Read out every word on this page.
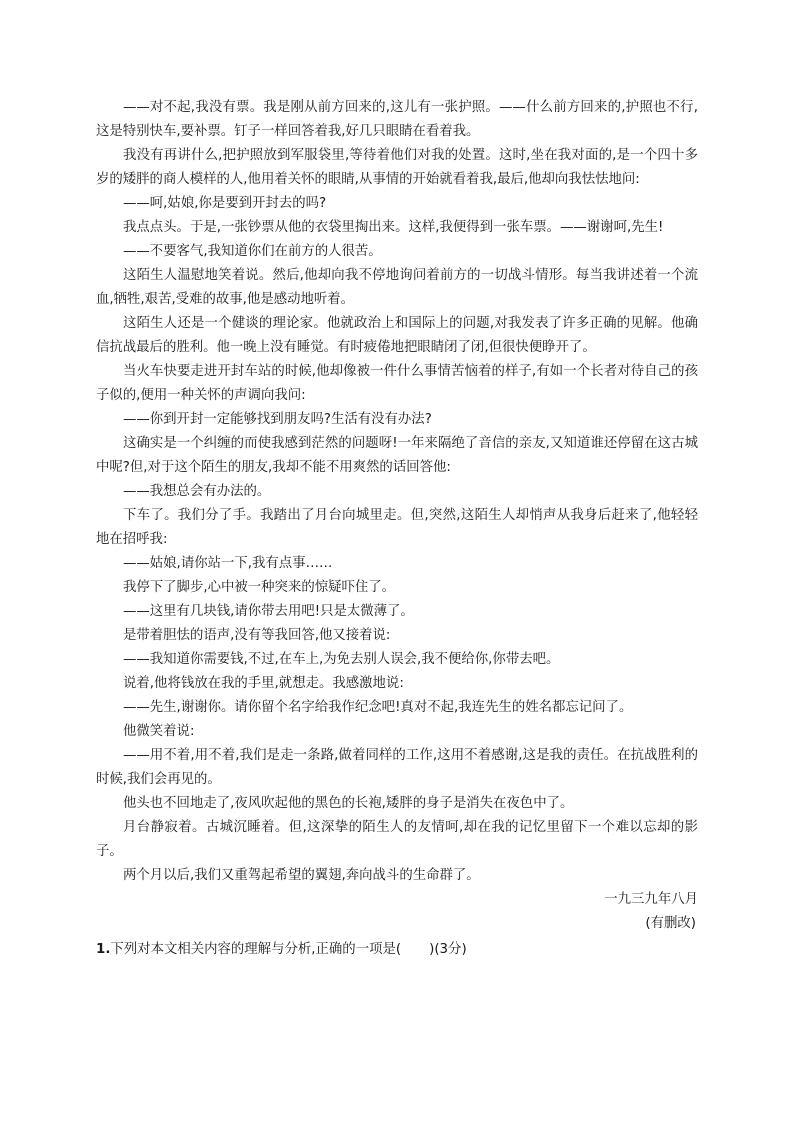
——对不起,我没有票。我是刚从前方回来的,这儿有一张护照。——什么前方回来的,护照也不行,这是特别快车,要补票。钉子一样回答着我,好几只眼睛在看着我。

我没有再讲什么,把护照放到军服袋里,等待着他们对我的处置。这时,坐在我对面的,是一个四十多岁的矮胖的商人模样的人,他用着关怀的眼睛,从事情的开始就看着我,最后,他却向我怯怯地问:

——呵,姑娘,你是要到开封去的吗?

我点点头。于是,一张钞票从他的衣袋里掏出来。这样,我便得到一张车票。——谢谢呵,先生!

——不要客气,我知道你们在前方的人很苦。

这陌生人温慰地笑着说。然后,他却向我不停地询问着前方的一切战斗情形。每当我讲述着一个流血,牺牲,艰苦,受难的故事,他是感动地听着。

这陌生人还是一个健谈的理论家。他就政治上和国际上的问题,对我发表了许多正确的见解。他确信抗战最后的胜利。他一晚上没有睡觉。有时疲倦地把眼睛闭了闭,但很快便睁开了。

当火车快要走进开封车站的时候,他却像被一件什么事情苦恼着的样子,有如一个长者对待自己的孩子似的,便用一种关怀的声调向我问:

——你到开封一定能够找到朋友吗?生活有没有办法?

这确实是一个纠缠的而使我感到茫然的问题呀!一年来隔绝了音信的亲友,又知道谁还停留在这古城中呢?但,对于这个陌生的朋友,我却不能不用爽然的话回答他:

——我想总会有办法的。

下车了。我们分了手。我踏出了月台向城里走。但,突然,这陌生人却悄声从我身后赶来了,他轻轻地在招呼我:

——姑娘,请你站一下,我有点事……

我停下了脚步,心中被一种突来的惊疑吓住了。

——这里有几块钱,请你带去用吧!只是太微薄了。

是带着胆怯的语声,没有等我回答,他又接着说:

——我知道你需要钱,不过,在车上,为免去别人误会,我不便给你,你带去吧。

说着,他将钱放在我的手里,就想走。我感激地说:

——先生,谢谢你。请你留个名字给我作纪念吧!真对不起,我连先生的姓名都忘记问了。

他微笑着说:

——用不着,用不着,我们是走一条路,做着同样的工作,这用不着感谢,这是我的责任。在抗战胜利的时候,我们会再见的。

他头也不回地走了,夜风吹起他的黑色的长袍,矮胖的身子是消失在夜色中了。

月台静寂着。古城沉睡着。但,这深挚的陌生人的友情呵,却在我的记忆里留下一个难以忘却的影子。

两个月以后,我们又重驾起希望的翼翅,奔向战斗的生命群了。

一九三九年八月

(有删改)

1.下列对本文相关内容的理解与分析,正确的一项是( )(3分)
